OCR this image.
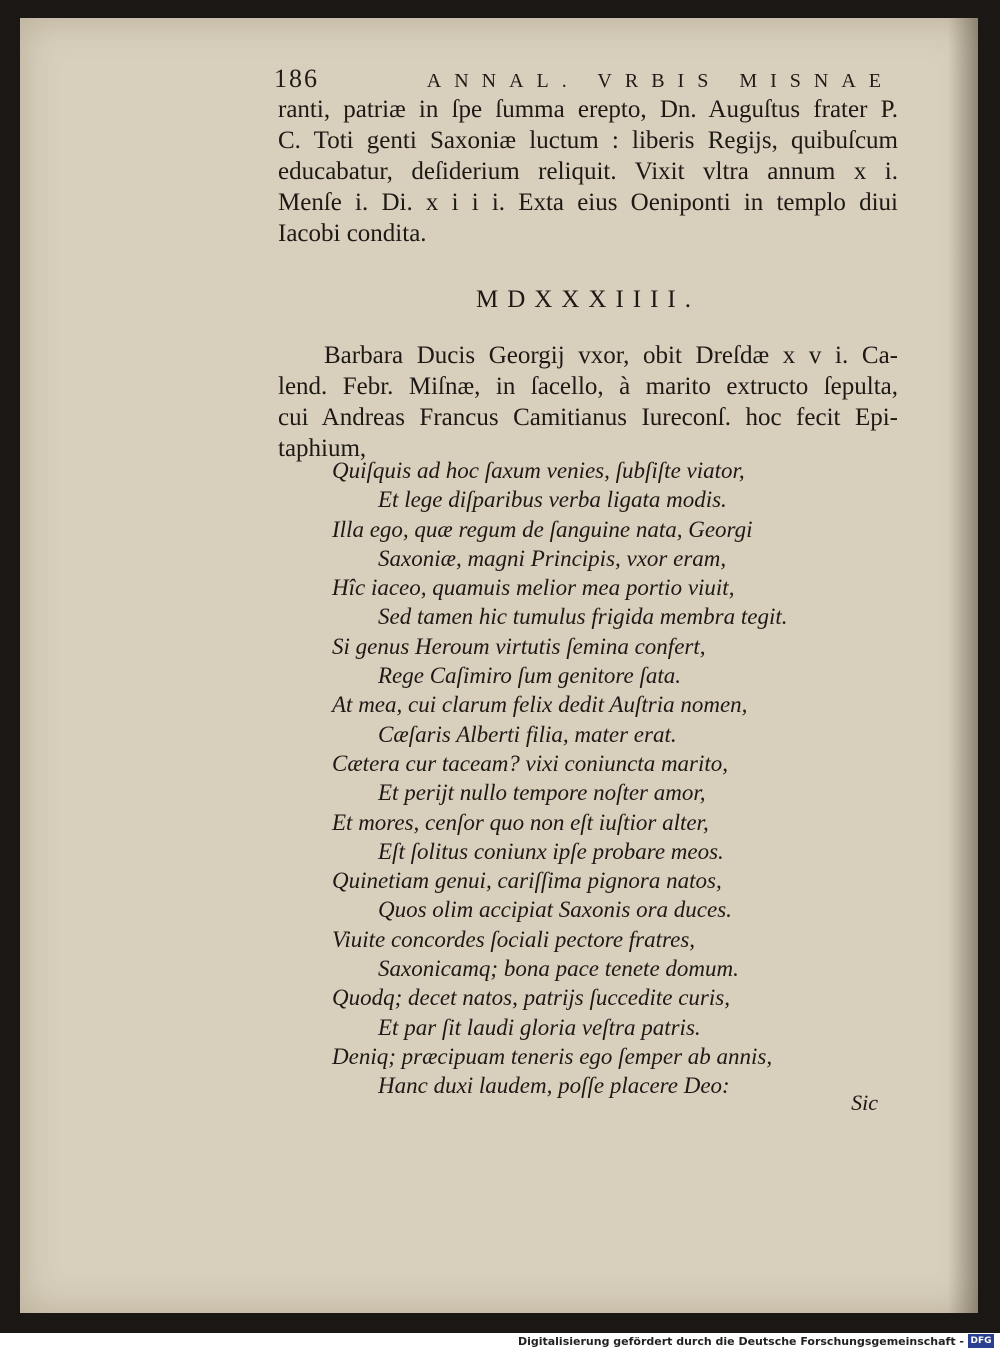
186	ANNAL. VRBIS MISNAE
ranti, patriæ in ſpe ſumma erepto, Dn. Auguſtus frater P.
C. Toti genti Saxoniæ luctum : liberis Regijs, quibuſcum
educabatur, deſiderium reliquit. Vixit vltra annum x i.
Menſe i. Di. x i i i. Exta eius Oeniponti in templo diui
Iacobi condita.
MDXXXIIII.
Barbara Ducis Georgij vxor, obit Dreſdæ x v i. Ca-
lend. Febr. Miſnæ, in ſacello, à marito extructo ſepulta,
cui Andreas Francus Camitianus Iureconſ. hoc fecit Epi-
taphium,
Quiſquis ad hoc ſaxum venies, ſubſiſte viator,
Et lege diſparibus verba ligata modis.
Illa ego, quæ regum de ſanguine nata, Georgi
Saxoniæ, magni Principis, vxor eram,
Hîc iaceo, quamuis melior mea portio viuit,
Sed tamen hic tumulus frigida membra tegit.
Si genus Heroum virtutis ſemina confert,
Rege Caſimiro ſum genitore ſata.
At mea, cui clarum felix dedit Auſtria nomen,
Cæſaris Alberti filia, mater erat.
Cætera cur taceam? vixi coniuncta marito,
Et perijt nullo tempore noſter amor,
Et mores, cenſor quo non eſt iuſtior alter,
Eſt ſolitus coniunx ipſe probare meos.
Quinetiam genui, cariſſima pignora natos,
Quos olim accipiat Saxonis ora duces.
Viuite concordes ſociali pectore fratres,
Saxonicamq; bona pace tenete domum.
Quodq; decet natos, patrijs ſuccedite curis,
Et par ſit laudi gloria veſtra patris.
Deniq; præcipuam teneris ego ſemper ab annis,
Hanc duxi laudem, poſſe placere Deo:
Sic
Digitalisierung gefördert durch die Deutsche Forschungsgemeinschaft - DFG
